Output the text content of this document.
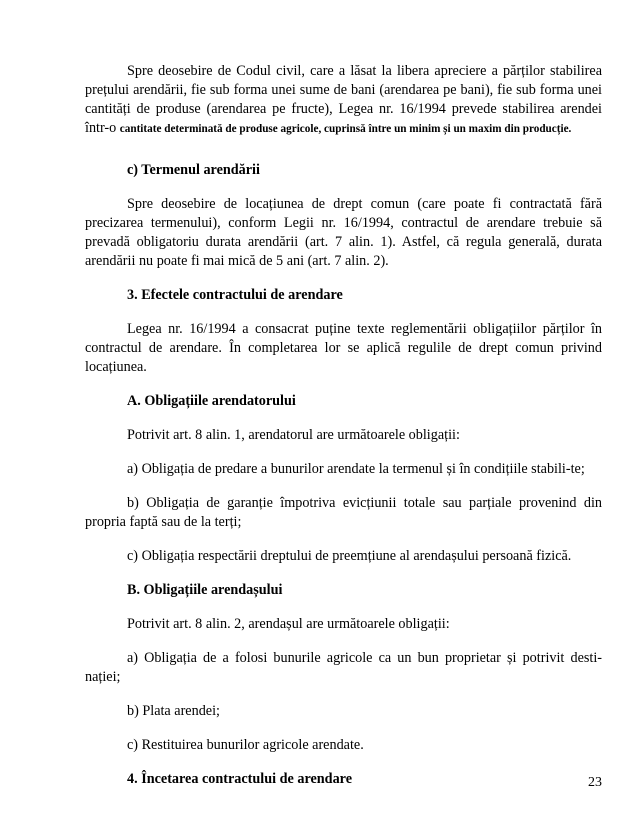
Spre deosebire de Codul civil, care a lăsat la libera apreciere a părților stabilirea prețului arendării, fie sub forma unei sume de bani (arendarea pe bani), fie sub forma unei cantități de produse (arendarea pe fructe), Legea nr. 16/1994 prevede stabilirea arendei într-o cantitate determinată de produse agricole, cuprinsă între un minim și un maxim din producție.

c) Termenul arendării

Spre deosebire de locațiunea de drept comun (care poate fi contractată fără precizarea termenului), conform Legii nr. 16/1994, contractul de arendare trebuie să prevadă obligatoriu durata arendării (art. 7 alin. 1). Astfel, că regula generală, durata arendării nu poate fi mai mică de 5 ani (art. 7 alin. 2).

3. Efectele contractului de arendare

Legea nr. 16/1994 a consacrat puține texte reglementării obligațiilor părților în contractul de arendare. În completarea lor se aplică regulile de drept comun privind locațiunea.

A. Obligațiile arendatorului

Potrivit art. 8 alin. 1, arendatorul are următoarele obligații:

a) Obligația de predare a bunurilor arendate la termenul și în condițiile stabili-te;

b) Obligația de garanție împotriva evicțiunii totale sau parțiale provenind din propria faptă sau de la terți;

c) Obligația respectării dreptului de preemțiune al arendașului persoană fizică.

B. Obligațiile arendașului

Potrivit art. 8 alin. 2, arendașul are următoarele obligații:

a) Obligația de a folosi bunurile agricole ca un bun proprietar și potrivit desti-nației;

b) Plata arendei;

c) Restituirea bunurilor agricole arendate.

4. Încetarea contractului de arendare	23
